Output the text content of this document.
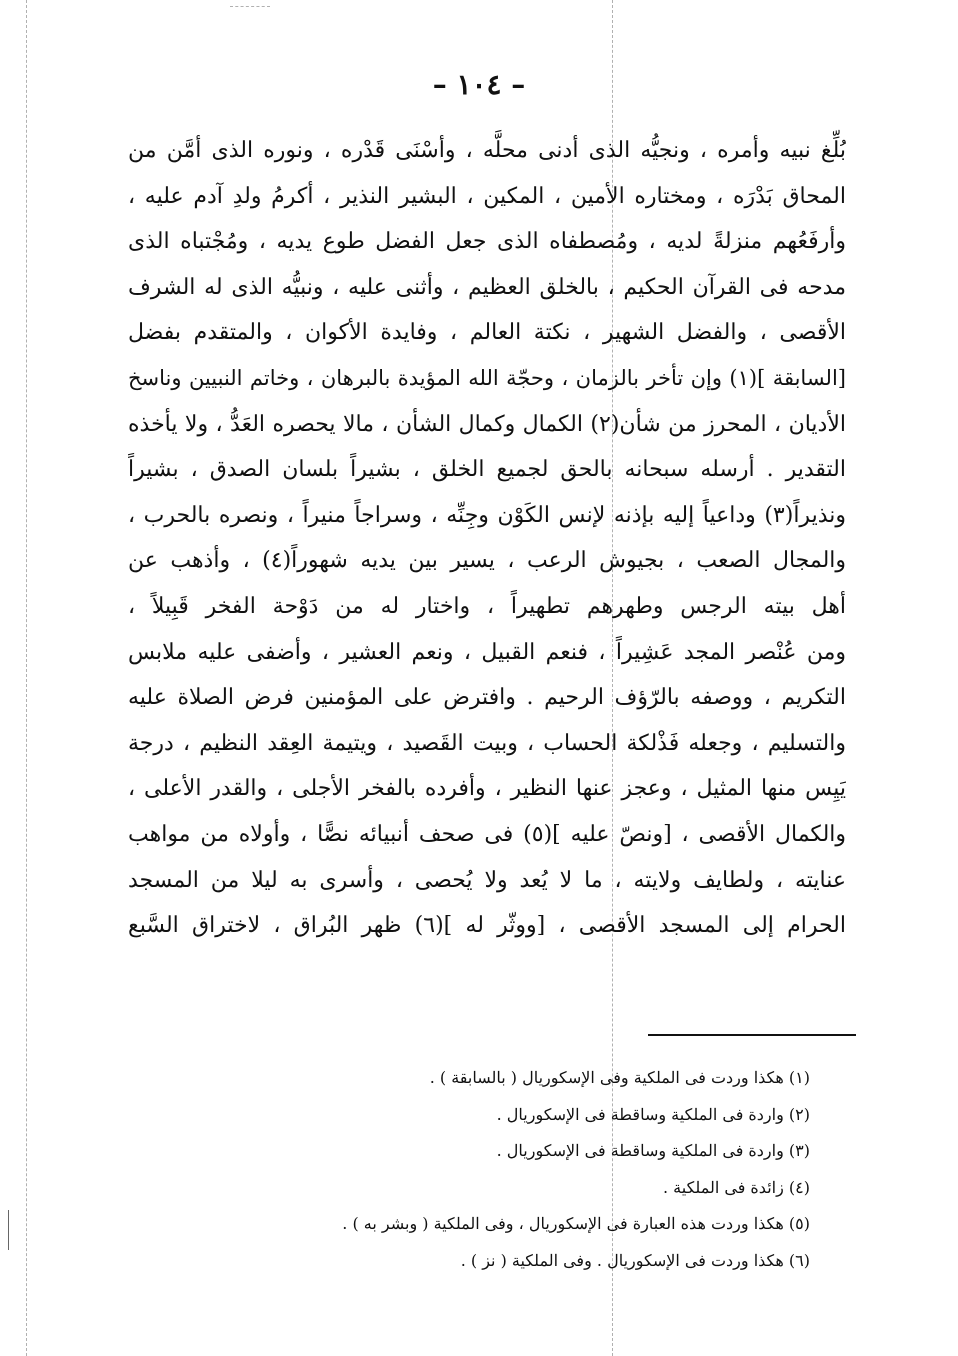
– ١٠٤ –
بُلِّغ نبيه وأمره ، ونجيُّه الذى أدنى محلَّه ، وأسْنَى قَدْره ، ونوره الذى أمَّن من
المحاق بَدْرَه ، ومختاره الأمين ، المكين ، البشير النذير ، أكرمُ ولدِ آدم عليه ،
وأرفَعُهم منزلةً لديه ، ومُصطفاه الذى جعل الفضل طوع يديه ، ومُجْتباه الذى
مدحه فى القرآن الحكيم ، بالخلق العظيم ، وأثنى عليه ، ونبيُّه الذى له الشرف
الأقصى ، والفضل الشهير ، نكتة العالم ، وفايدة الأكوان ، والمتقدم بفضل
[السابقة ](١) وإن تأخر بالزمان ، وحجّة الله المؤيدة بالبرهان ، وخاتم النبيين وناسخ
الأديان ، المحرز من شأن(٢) الكمال وكمال الشأن ، مالا يحصره العَدُّ ، ولا يأخذه
التقدير . أرسله سبحانه بالحق لجميع الخلق ، بشيراً بلسان الصدق ، بشيراً
ونذيراً(٣) وداعياً إليه بإذنه لإنس الكَوْن وجِنِّه ، وسراجاً منيراً ، ونصره بالحرب ،
والمجال الصعب ، بجيوش الرعب ، يسير بين يديه شهوراً(٤) ، وأذهب عن
أهل بيته الرجس وطهرهم تطهيراً ، واختار له من دَوْحة الفخر قَبِيلاً ،
ومن عُنْصر المجد عَشِيراً ، فنعم القبيل ، ونعم العشير ، وأضفى عليه ملابس
التكريم ، ووصفه بالرّؤف الرحيم . وافترض على المؤمنين فرض الصلاة عليه
والتسليم ، وجعله فَذْلكة الحساب ، وبيت القَصيد ، ويتيمة العِقد النظيم ، درجة
يَيِس منها المثيل ، وعجز عنها النظير ، وأفرده بالفخر الأجلى ، والقدر الأعلى ،
والكمال الأقصى ، [ونصّ عليه ](٥) فى صحف أنبيائه نصًّا ، وأولاه من مواهب
عنايته ، ولطايف ولايته ، ما لا يُعد ولا يُحصى ، وأسرى به ليلا من المسجد
الحرام إلى المسجد الأقصى ، [ووثّر له ](٦) ظهر البُراق ، لاختراق السَّبع
(١) هكذا وردت فى الملكية وفى الإسكوريال ( بالسابقة ) .
(٢) واردة فى الملكية وساقطة فى الإسكوريال .
(٣) واردة فى الملكية وساقطة فى الإسكوريال .
(٤) زائدة فى الملكية .
(٥) هكذا وردت هذه العبارة فى الإسكوريال ، وفى الملكية ( وبشر به ) .
(٦) هكذا وردت فى الإسكوريال . وفى الملكية ( نز ) .
